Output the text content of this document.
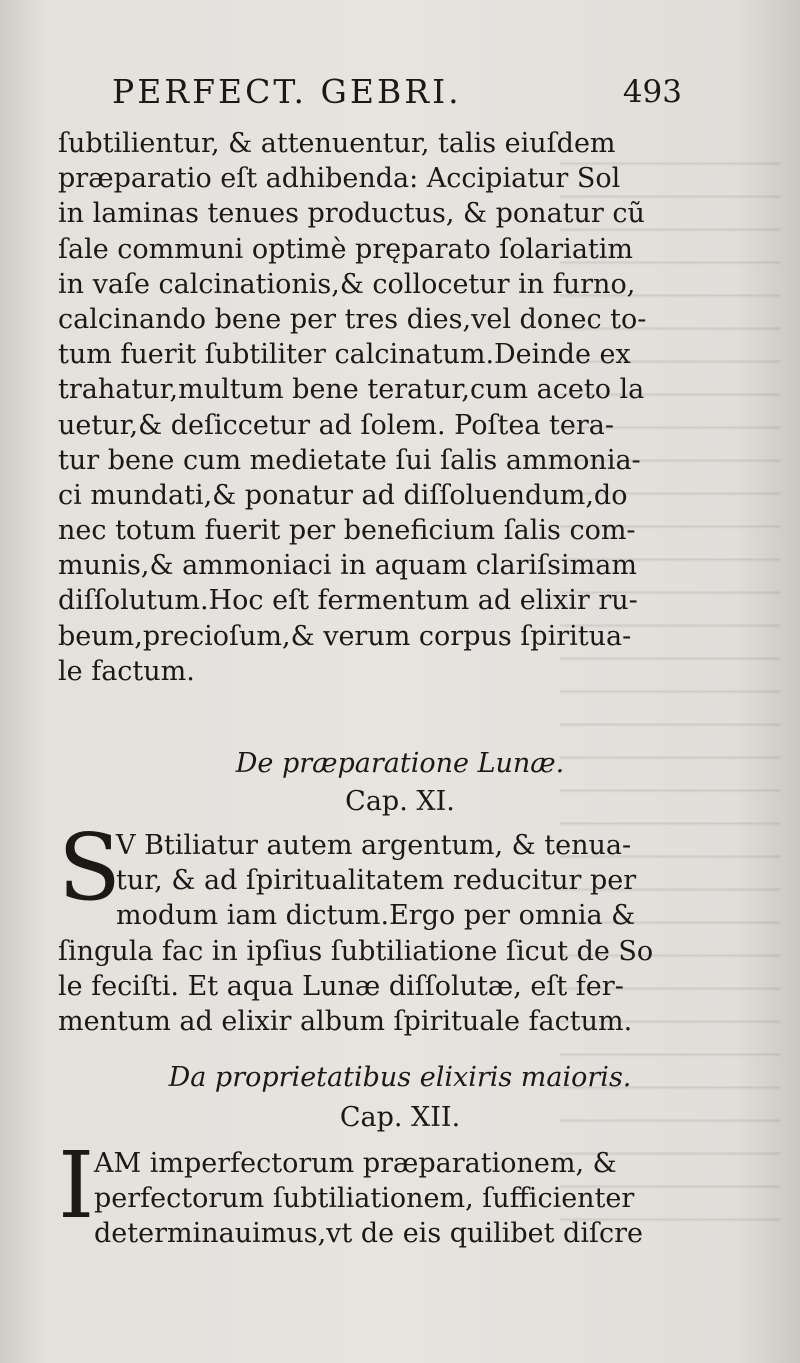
PERFECT. GEBRI.	493
ſubtilientur, & attenuentur, talis eiuſdem
præparatio eſt adhibenda: Accipiatur Sol
in laminas tenues productus, & ponatur cũ
ſale communi optimè pręparato ſolariatim
in vaſe calcinationis,& collocetur in furno,
calcinando bene per tres dies,vel donec to-
tum fuerit ſubtiliter calcinatum.Deinde ex
trahatur,multum bene teratur,cum aceto la
uetur,& deſiccetur ad ſolem. Poſtea tera-
tur bene cum medietate ſui ſalis ammonia-
ci mundati,& ponatur ad diſſoluendum,do
nec totum fuerit per beneficium ſalis com-
munis,& ammoniaci in aquam clariſsimam
diſſolutum.Hoc eſt fermentum ad elixir ru-
beum,precioſum,& verum corpus ſpiritua-
le factum.
De præparatione Lunæ.
Cap. XI.
S
V Btiliatur autem argentum, & tenua-
tur, & ad ſpiritualitatem reducitur per
modum iam dictum.Ergo per omnia &
ſingula fac in ipſius ſubtiliatione ſicut de So
le feciſti. Et aqua Lunæ diſſolutæ, eſt fer-
mentum ad elixir album ſpirituale factum.
Da proprietatibus elixiris maioris.
Cap. XII.
I AM imperfectorum præparationem, &
perfectorum ſubtiliationem, ſufficienter
determinauimus,vt de eis quilibet diſcre
